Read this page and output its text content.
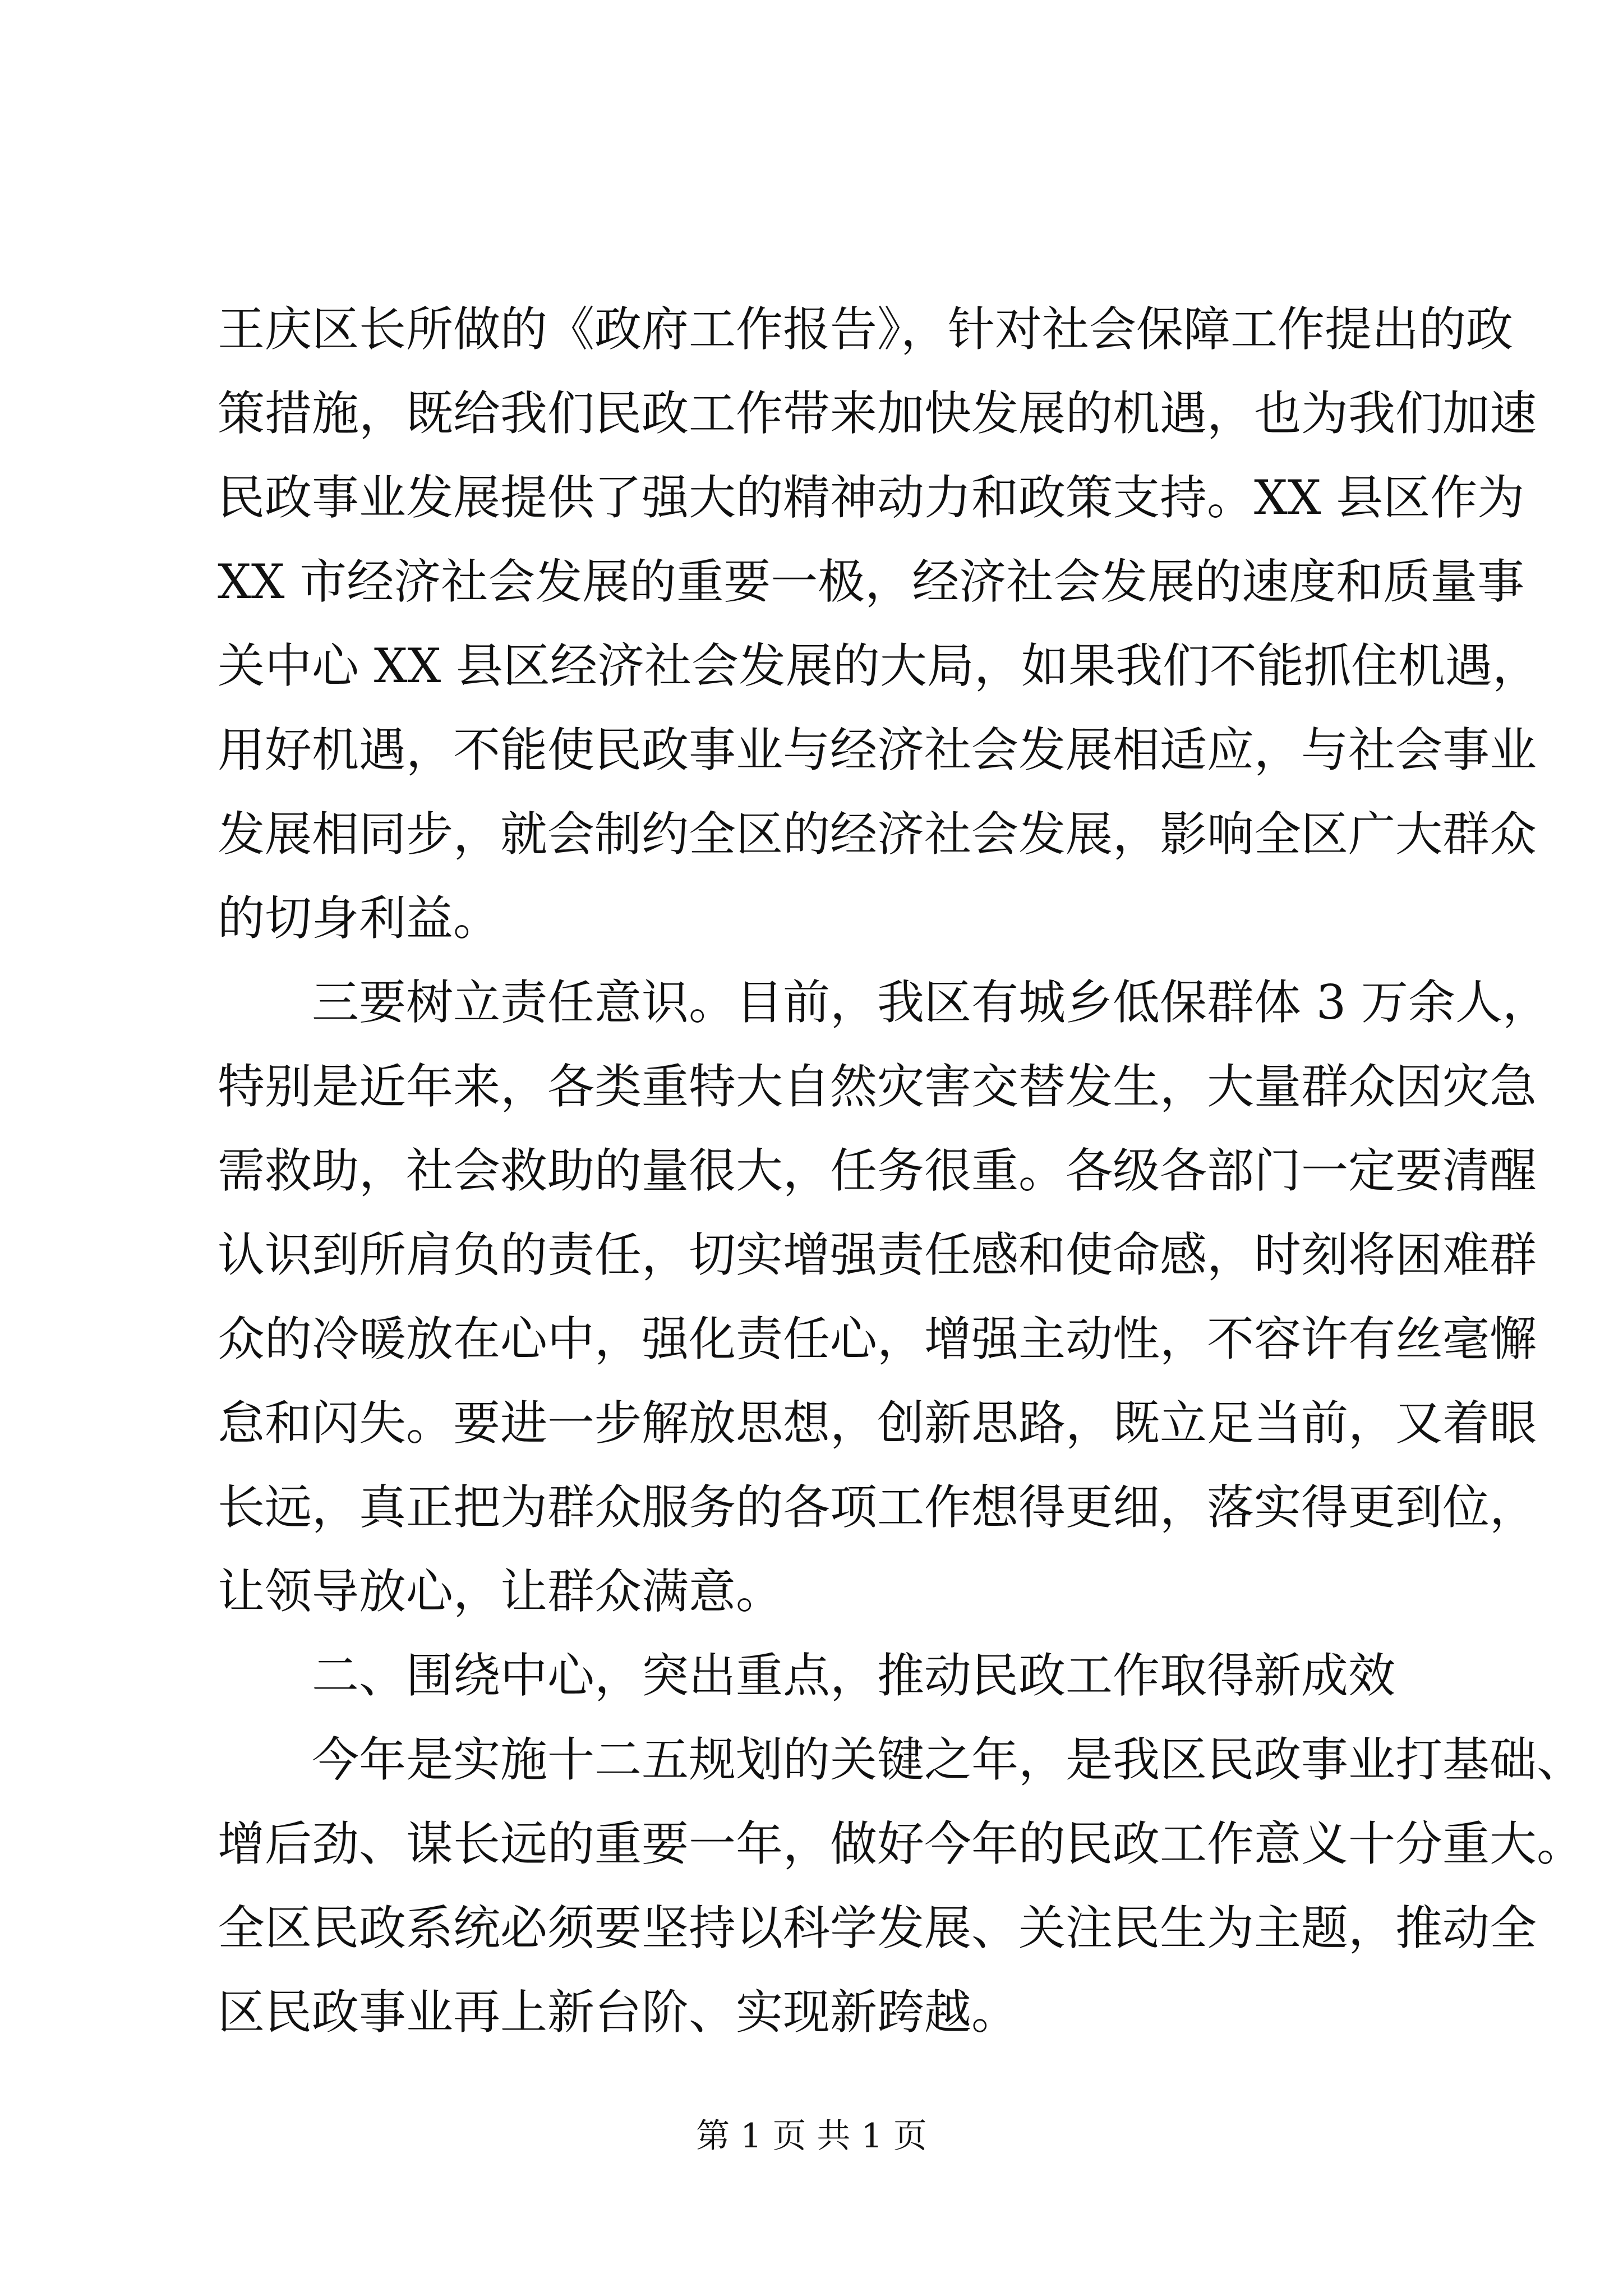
王庆区长所做的《政府工作报告》，针对社会保障工作提出的政
策措施，既给我们民政工作带来加快发展的机遇，也为我们加速
民政事业发展提供了强大的精神动力和政策支持。XX 县区作为
XX 市经济社会发展的重要一极，经济社会发展的速度和质量事
关中心 XX 县区经济社会发展的大局，如果我们不能抓住机遇，
用好机遇，不能使民政事业与经济社会发展相适应，与社会事业
发展相同步，就会制约全区的经济社会发展，影响全区广大群众
的切身利益。
　　三要树立责任意识。目前，我区有城乡低保群体 3 万余人，
特别是近年来，各类重特大自然灾害交替发生，大量群众因灾急
需救助，社会救助的量很大，任务很重。各级各部门一定要清醒
认识到所肩负的责任，切实增强责任感和使命感，时刻将困难群
众的冷暖放在心中，强化责任心，增强主动性，不容许有丝毫懈
怠和闪失。要进一步解放思想，创新思路，既立足当前，又着眼
长远，真正把为群众服务的各项工作想得更细，落实得更到位，
让领导放心，让群众满意。
　　二、围绕中心，突出重点，推动民政工作取得新成效
　　今年是实施十二五规划的关键之年，是我区民政事业打基础、
增后劲、谋长远的重要一年，做好今年的民政工作意义十分重大。
全区民政系统必须要坚持以科学发展、关注民生为主题，推动全
区民政事业再上新台阶、实现新跨越。
第 1 页 共 1 页
